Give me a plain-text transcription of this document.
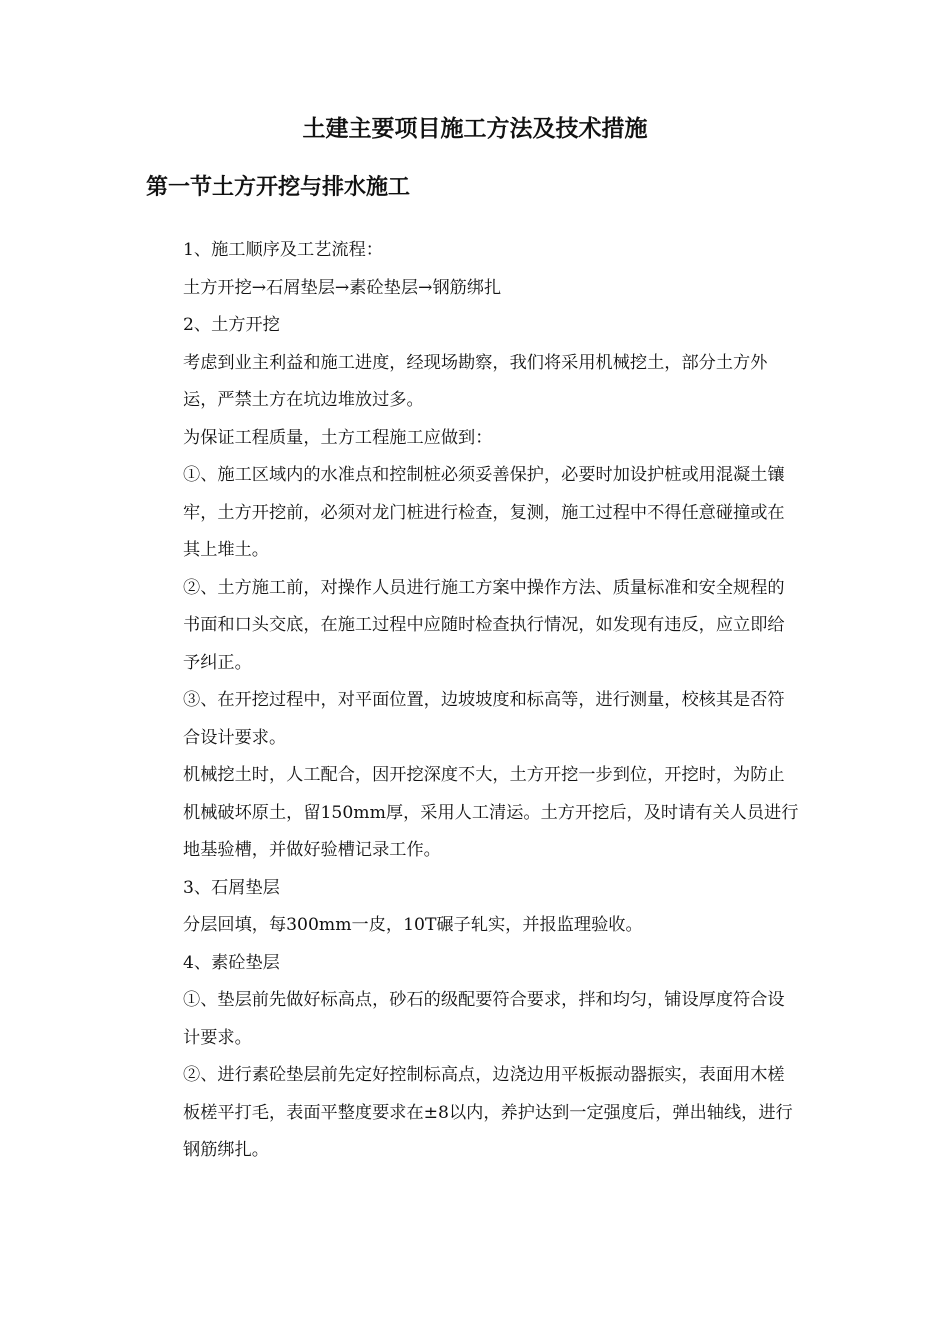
土建主要项目施工方法及技术措施
第一节土方开挖与排水施工

1、施工顺序及工艺流程：

土方开挖→石屑垫层→素砼垫层→钢筋绑扎

2、土方开挖

考虑到业主利益和施工进度，经现场勘察，我们将采用机械挖土，部分土方外运，严禁土方在坑边堆放过多。

为保证工程质量，土方工程施工应做到：

①、施工区域内的水准点和控制桩必须妥善保护，必要时加设护桩或用混凝土镶牢，土方开挖前，必须对龙门桩进行检查，复测，施工过程中不得任意碰撞或在其上堆土。

②、土方施工前，对操作人员进行施工方案中操作方法、质量标准和安全规程的书面和口头交底，在施工过程中应随时检查执行情况，如发现有违反，应立即给予纠正。

③、在开挖过程中，对平面位置，边坡坡度和标高等，进行测量，校核其是否符合设计要求。

机械挖土时，人工配合，因开挖深度不大，土方开挖一步到位，开挖时，为防止机械破坏原土，留150mm厚，采用人工清运。土方开挖后，及时请有关人员进行地基验槽，并做好验槽记录工作。

3、石屑垫层

分层回填，每300mm一皮，10T碾子轧实，并报监理验收。

4、素砼垫层

①、垫层前先做好标高点，砂石的级配要符合要求，拌和均匀，铺设厚度符合设计要求。

②、进行素砼垫层前先定好控制标高点，边浇边用平板振动器振实，表面用木槎板槎平打毛，表面平整度要求在±8以内，养护达到一定强度后，弹出轴线，进行钢筋绑扎。
